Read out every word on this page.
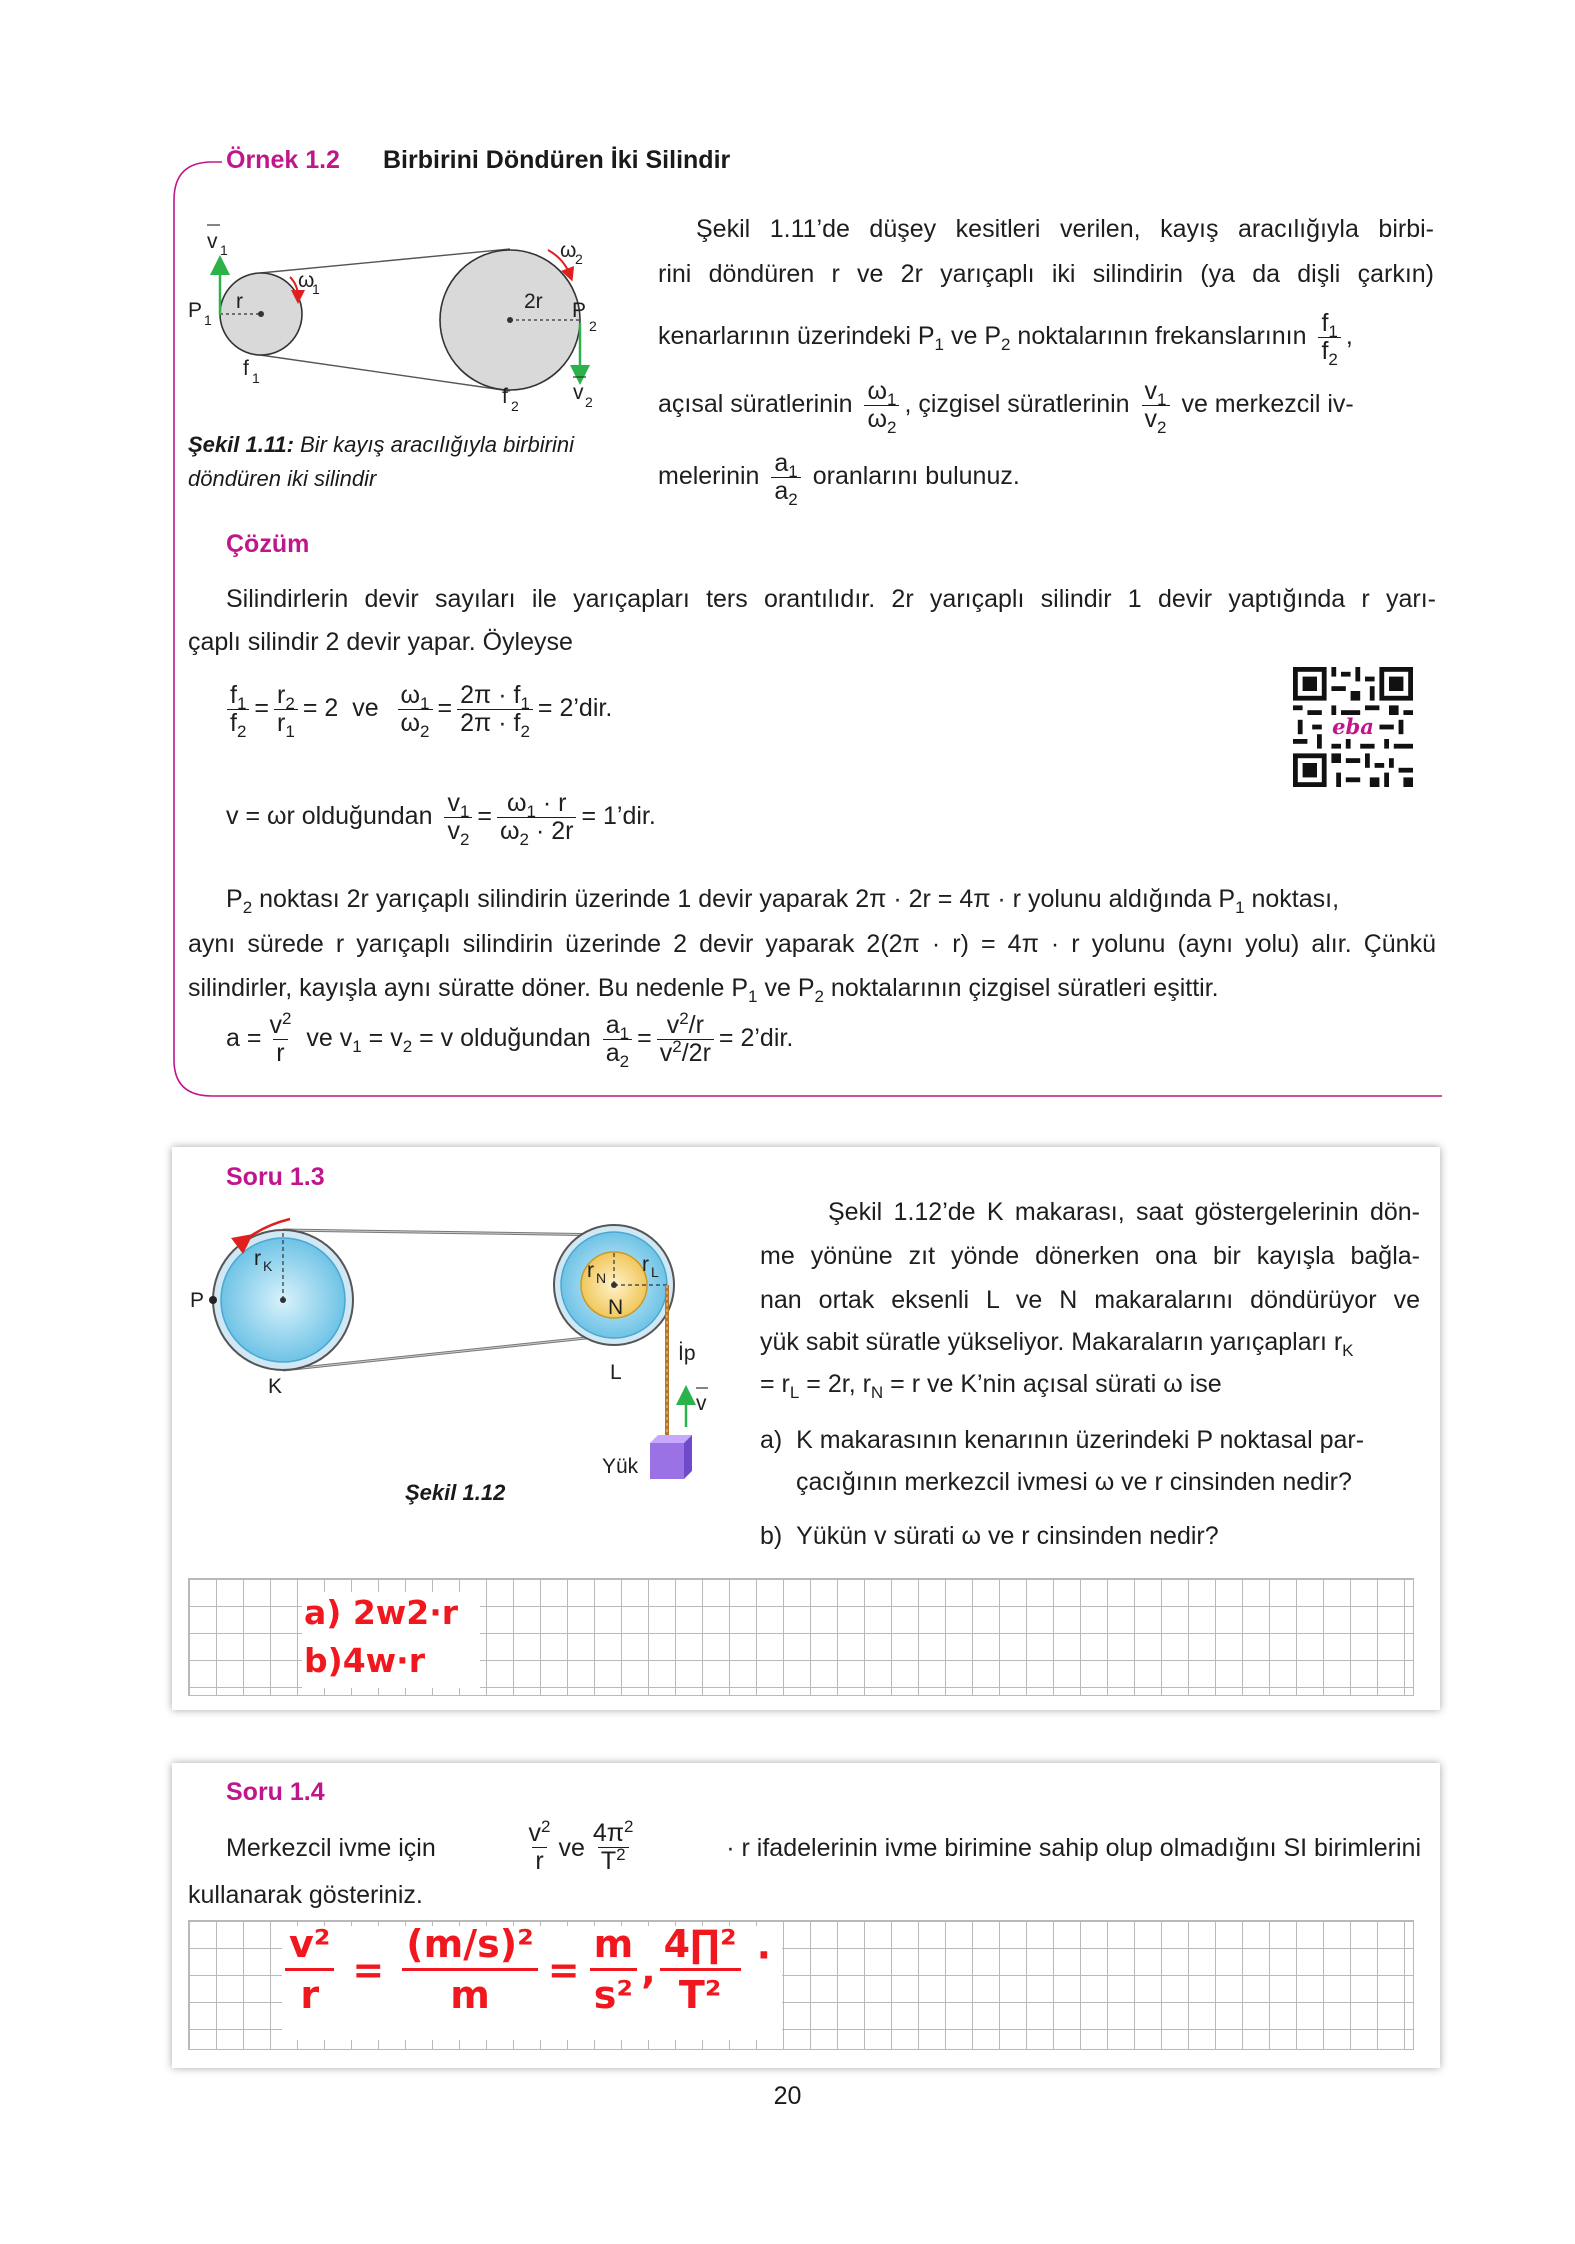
Örnek 1.2 Birbirini Döndüren İki Silindir
v 1
ω
1
ω
2
r	2r
P 1	P
2
f 1
f 2
v 2
Şekil 1.11: Bir kayış aracılığıyla birbirini döndüren iki silindir
Şekil 1.11’de düşey kesitleri verilen, kayış aracılığıyla birbi-
rini döndüren r ve 2r yarıçaplı iki silindirin (ya da dişli çarkın)
kenarlarının üzerindeki $P_1$ ve $P_2$ noktalarının frekanslarının $\frac{f_1}{f_2}$ ,
açısal süratlerinin $\frac{\omega_1}{\omega_2}$ , çizgisel süratlerinin $\frac{v_1}{v_2}$ ve merkezcil iv-
melerinin $\frac{a_1}{a_2}$ oranlarını bulunuz.
Çözüm
Silindirlerin devir sayıları ile yarıçapları ters orantılıdır. 2r yarıçaplı silindir 1 devir yaptığında r yarı-
çaplı silindir 2 devir yapar. Öyleyse
$\frac{f_1}{f_2} = \frac{r_2}{r_1} = 2$ ve $\frac{\omega_1}{\omega_2} = \frac{2\pi \cdot f_1}{2\pi \cdot f_2}$ = 2’dir.
v = ωr olduğundan $\frac{v_1}{v_2} = \frac{\omega_1 \cdot r}{\omega_2 \cdot 2r}$ = 1’dir.
$P_2$ noktası 2r yarıçaplı silindirin üzerinde 1 devir yaparak 2π · 2r = 4π · r yolunu aldığında $P_1$ noktası,
aynı sürede r yarıçaplı silindirin üzerinde 2 devir yaparak 2(2π · r) = 4π · r yolunu (aynı yolu) alır. Çünkü
silindirler, kayışla aynı süratte döner. Bu nedenle $P_1$ ve $P_2$ noktalarının çizgisel süratleri eşittir.
$a = \frac{v^2}{r}$ ve $v_1 = v_2 = v$ olduğundan $\frac{a_1}{a_2} = \frac{v^2/r}{v^2/2r}$ = 2’dir.
eba
Soru 1.3
P
K
L
N
r K	r N
r L
İp
v
Yük
Şekil 1.12
Şekil 1.12’de K makarası, saat göstergelerinin dön-
me yönüne zıt yönde dönerken ona bir kayışla bağla-
nan ortak eksenli L ve N makaralarını döndürüyor ve
yük sabit süratle yükseliyor. Makaraların yarıçapları $r_K$
= $r_L = 2r$, $r_N = r$ ve K’nin açısal sürati ω ise
a) K makarasının kenarının üzerindeki P noktasal par-
çacığının merkezcil ivmesi ω ve r cinsinden nedir?
b) Yükün v sürati ω ve r cinsinden nedir?
a) 2w2·r
b)4w·r
Soru 1.4
Merkezcil ivme için	$\frac{v^2}{r}$ ve $\frac{4\pi^2}{T^2}$	· r ifadelerinin ivme birimine sahip olup olmadığını SI birimlerini
kullanarak gösteriniz.
$\frac{\text{v²}}{r} = \frac{\text{(m/s)²}}{m} = \frac{m}{\text{s²}}$ ,
4∏²
T²
·
20
